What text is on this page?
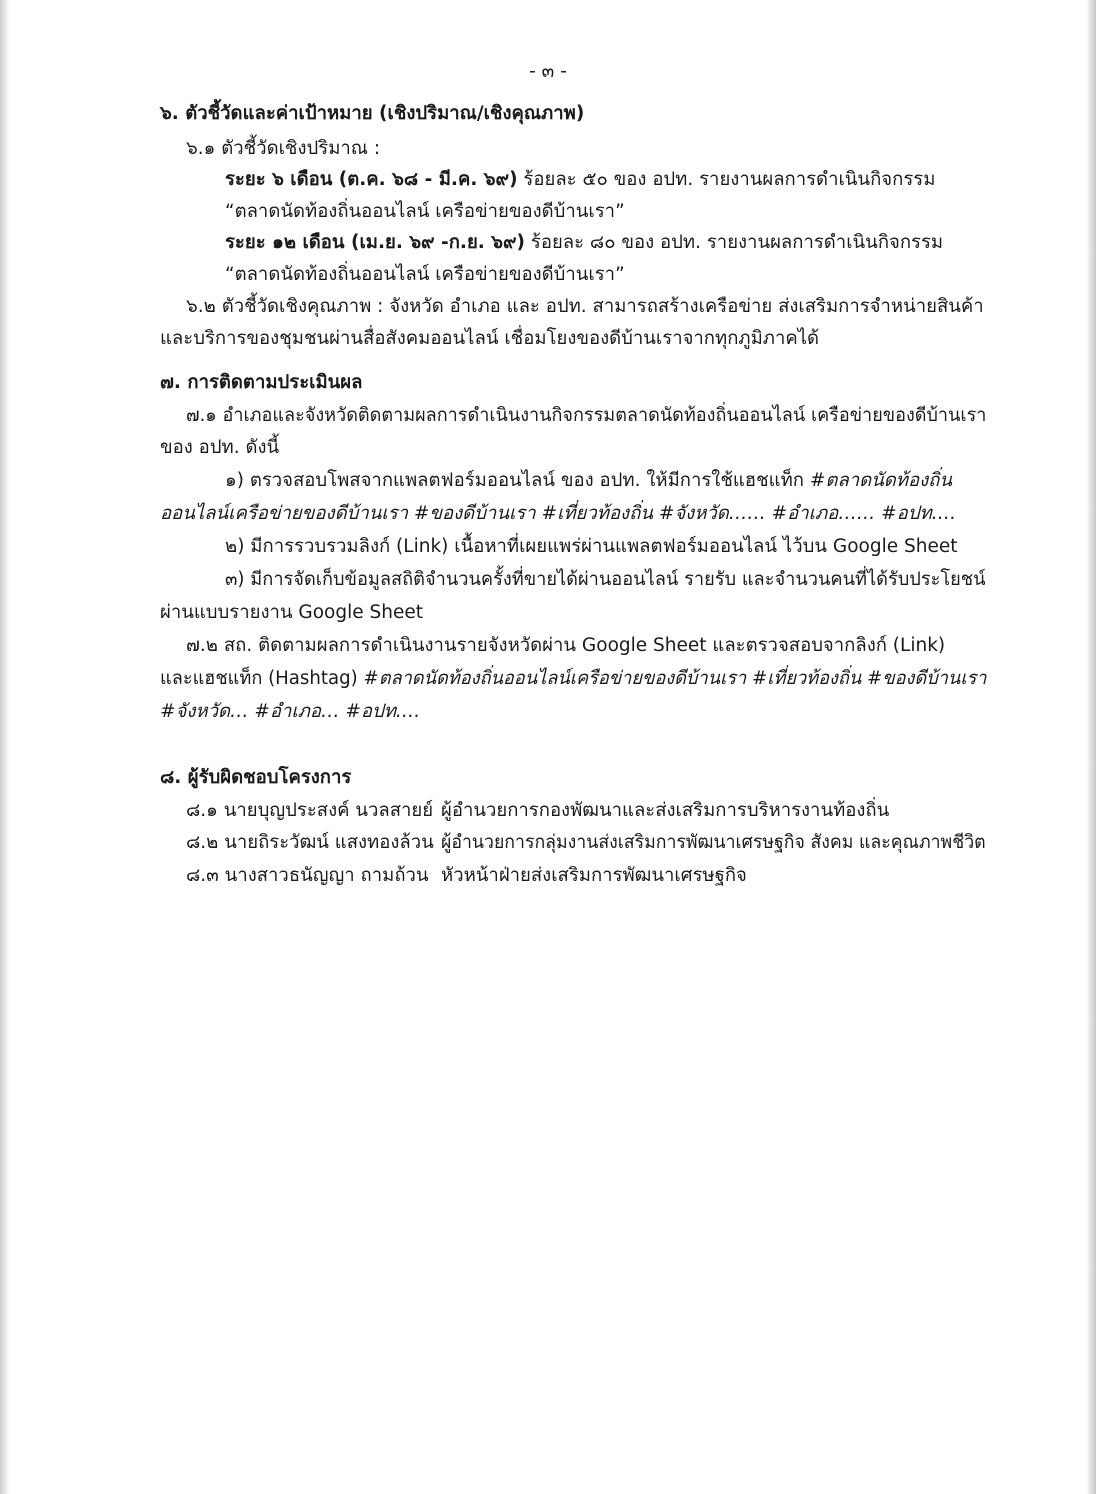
- ๓ -
๖. ตัวชี้วัดและค่าเป้าหมาย (เชิงปริมาณ/เชิงคุณภาพ)
๖.๑ ตัวชี้วัดเชิงปริมาณ :
ระยะ ๖ เดือน (ต.ค. ๖๘ - มี.ค. ๖๙) ร้อยละ ๕๐ ของ อปท. รายงานผลการดำเนินกิจกรรม
“ตลาดนัดท้องถิ่นออนไลน์ เครือข่ายของดีบ้านเรา”
ระยะ ๑๒ เดือน (เม.ย. ๖๙ -ก.ย. ๖๙) ร้อยละ ๘๐ ของ อปท. รายงานผลการดำเนินกิจกรรม
“ตลาดนัดท้องถิ่นออนไลน์ เครือข่ายของดีบ้านเรา”
๖.๒ ตัวชี้วัดเชิงคุณภาพ : จังหวัด อำเภอ และ อปท. สามารถสร้างเครือข่าย ส่งเสริมการจำหน่ายสินค้า
และบริการของชุมชนผ่านสื่อสังคมออนไลน์ เชื่อมโยงของดีบ้านเราจากทุกภูมิภาคได้
๗. การติดตามประเมินผล
๗.๑ อำเภอและจังหวัดติดตามผลการดำเนินงานกิจกรรมตลาดนัดท้องถิ่นออนไลน์ เครือข่ายของดีบ้านเรา
ของ อปท. ดังนี้
๑) ตรวจสอบโพสจากแพลตฟอร์มออนไลน์ ของ อปท. ให้มีการใช้แฮชแท็ก #ตลาดนัดท้องถิ่น
ออนไลน์เครือข่ายของดีบ้านเรา #ของดีบ้านเรา #เที่ยวท้องถิ่น #จังหวัด…… #อำเภอ…… #อปท.…
๒) มีการรวบรวมลิงก์ (Link) เนื้อหาที่เผยแพร่ผ่านแพลตฟอร์มออนไลน์ ไว้บน Google Sheet
๓) มีการจัดเก็บข้อมูลสถิติจำนวนครั้งที่ขายได้ผ่านออนไลน์ รายรับ และจำนวนคนที่ได้รับประโยชน์
ผ่านแบบรายงาน Google Sheet
๗.๒ สถ. ติดตามผลการดำเนินงานรายจังหวัดผ่าน Google Sheet และตรวจสอบจากลิงก์ (Link)
และแฮชแท็ก (Hashtag) #ตลาดนัดท้องถิ่นออนไลน์เครือข่ายของดีบ้านเรา #เที่ยวท้องถิ่น #ของดีบ้านเรา
#จังหวัด… #อำเภอ… #อปท.…
๘. ผู้รับผิดชอบโครงการ
๘.๑ นายบุญประสงค์ นวลสายย์ ผู้อำนวยการกองพัฒนาและส่งเสริมการบริหารงานท้องถิ่น
๘.๒ นายถิระวัฒน์ แสงทองล้วน ผู้อำนวยการกลุ่มงานส่งเสริมการพัฒนาเศรษฐกิจ สังคม และคุณภาพชีวิต
๘.๓ นางสาวธนัญญา ถามถ้วน หัวหน้าฝ่ายส่งเสริมการพัฒนาเศรษฐกิจ
